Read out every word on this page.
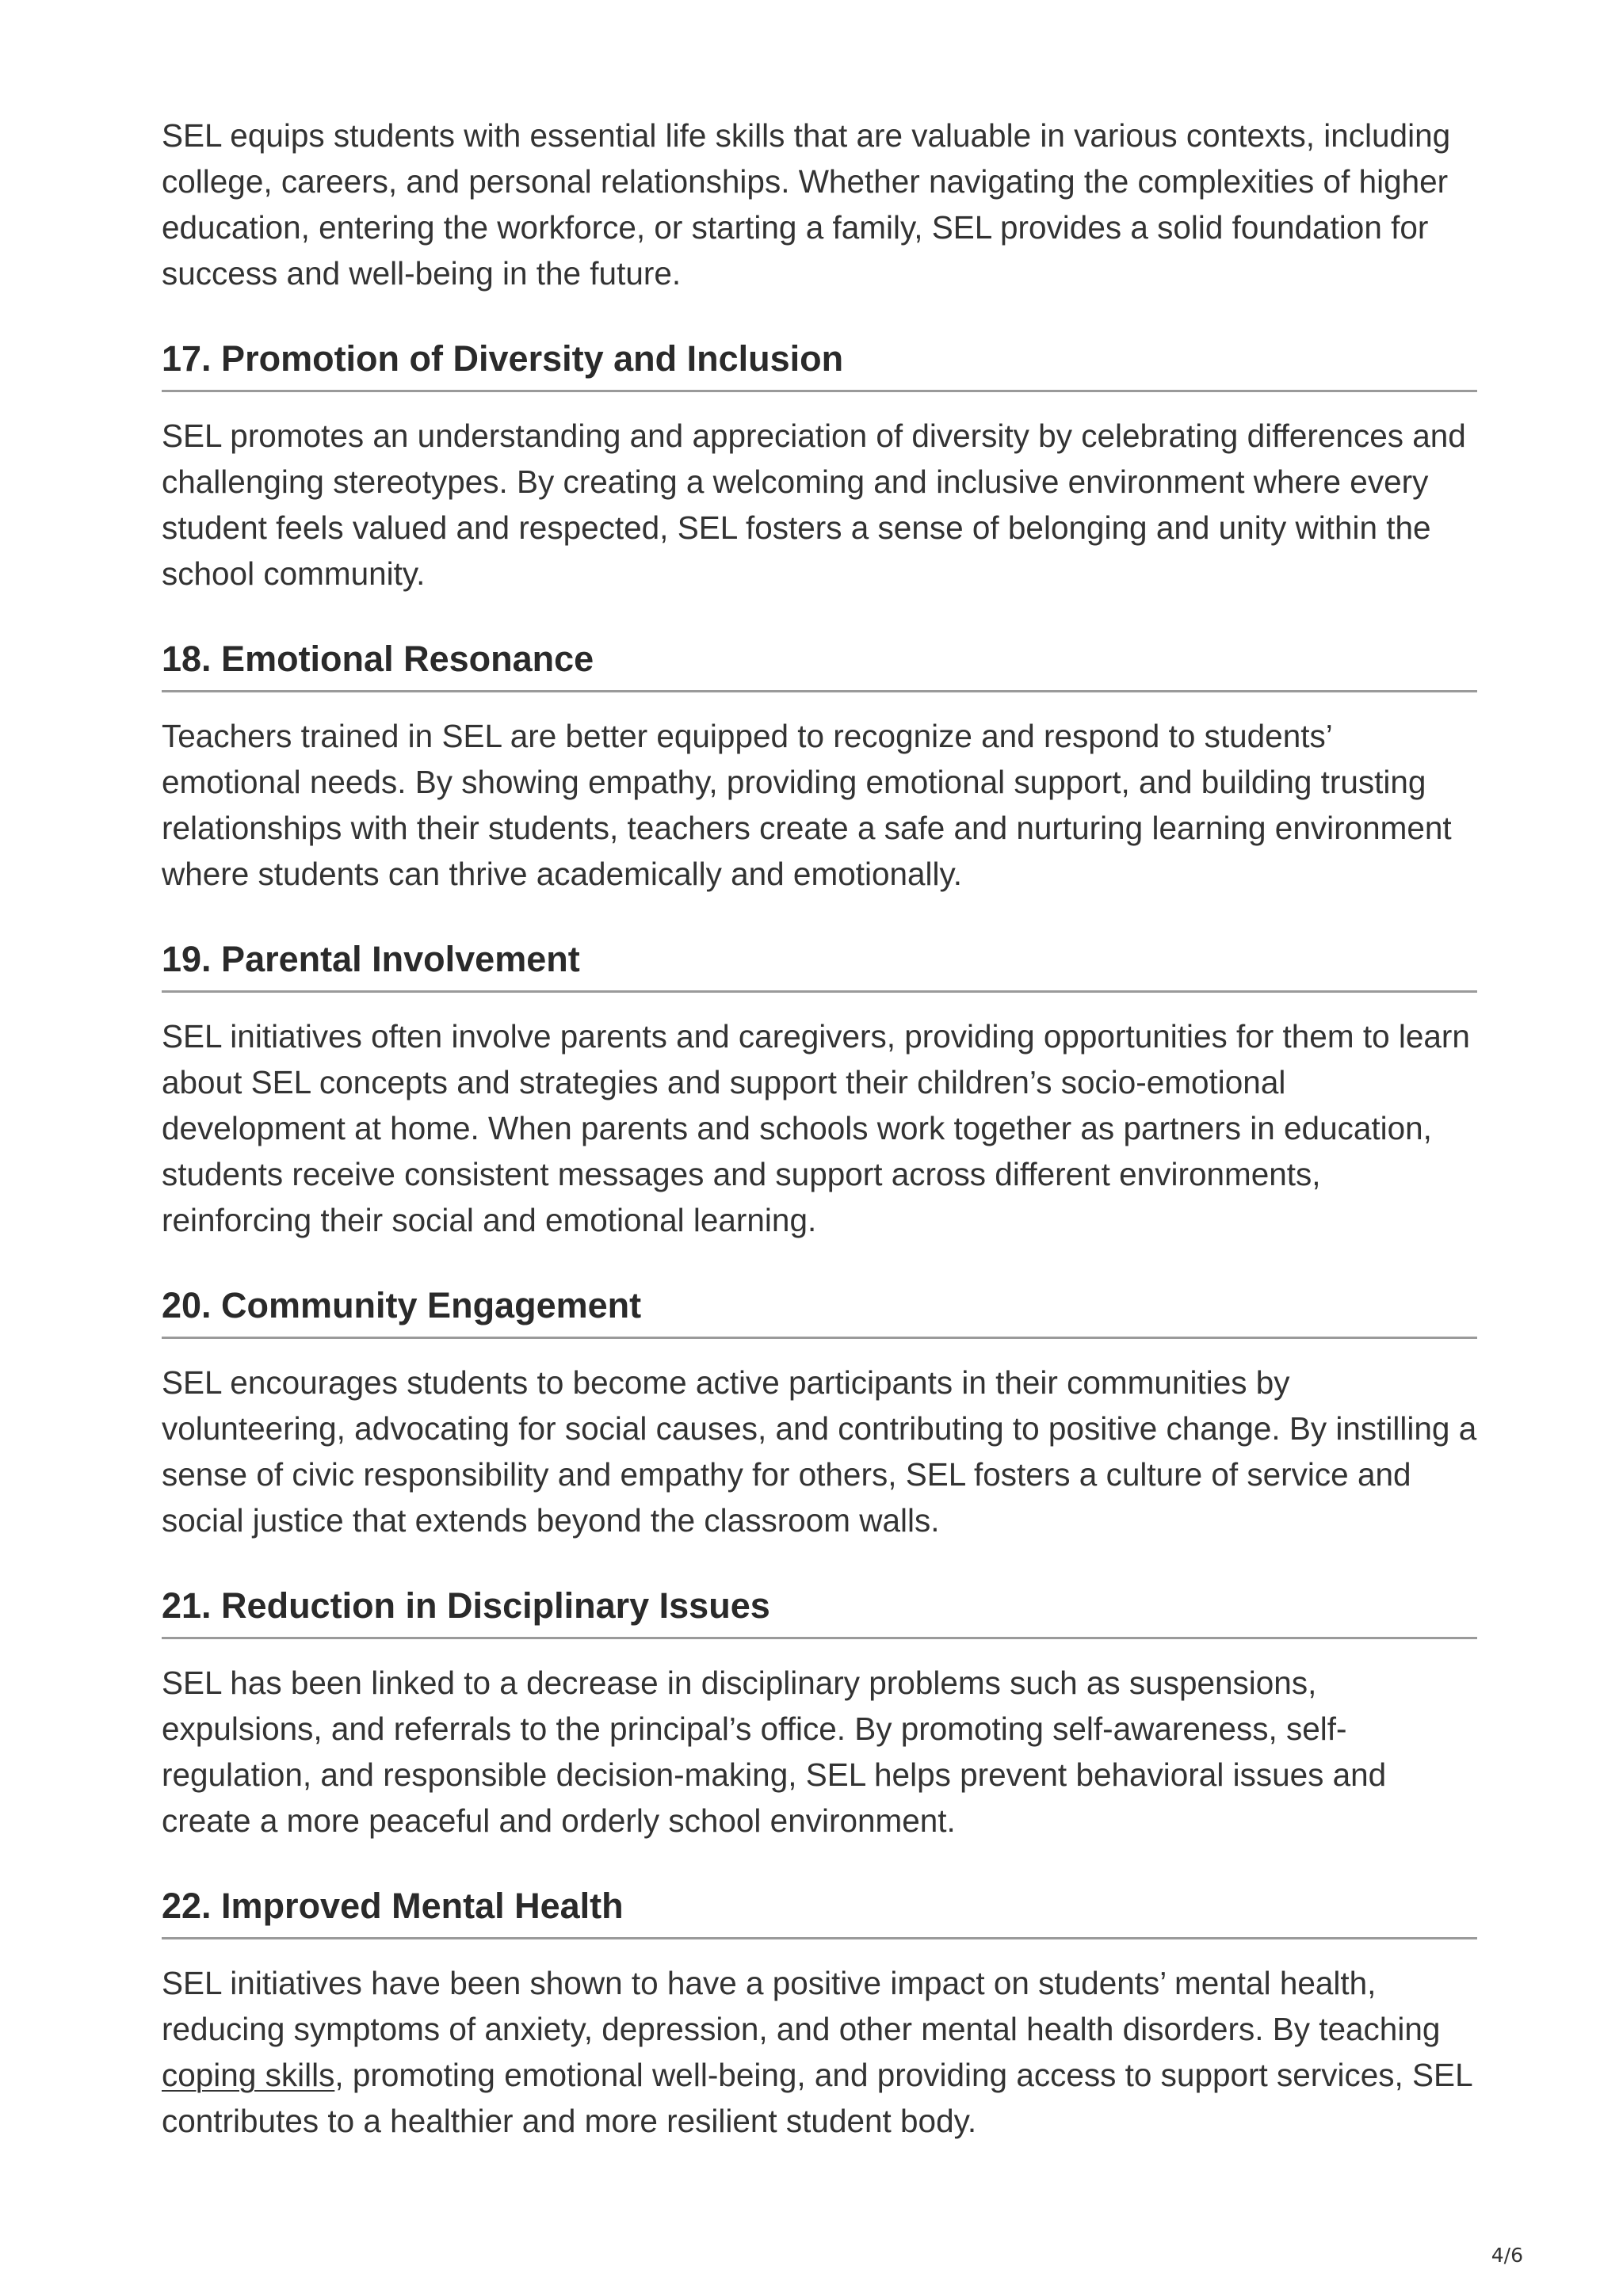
SEL equips students with essential life skills that are valuable in various contexts, including college, careers, and personal relationships. Whether navigating the complexities of higher education, entering the workforce, or starting a family, SEL provides a solid foundation for success and well-being in the future.

17. Promotion of Diversity and Inclusion

SEL promotes an understanding and appreciation of diversity by celebrating differences and challenging stereotypes. By creating a welcoming and inclusive environment where every student feels valued and respected, SEL fosters a sense of belonging and unity within the school community.

18. Emotional Resonance

Teachers trained in SEL are better equipped to recognize and respond to students’ emotional needs. By showing empathy, providing emotional support, and building trusting relationships with their students, teachers create a safe and nurturing learning environment where students can thrive academically and emotionally.

19. Parental Involvement

SEL initiatives often involve parents and caregivers, providing opportunities for them to learn about SEL concepts and strategies and support their children’s socio-emotional development at home. When parents and schools work together as partners in education, students receive consistent messages and support across different environments, reinforcing their social and emotional learning.

20. Community Engagement

SEL encourages students to become active participants in their communities by volunteering, advocating for social causes, and contributing to positive change. By instilling a sense of civic responsibility and empathy for others, SEL fosters a culture of service and social justice that extends beyond the classroom walls.

21. Reduction in Disciplinary Issues

SEL has been linked to a decrease in disciplinary problems such as suspensions, expulsions, and referrals to the principal’s office. By promoting self-awareness, self-regulation, and responsible decision-making, SEL helps prevent behavioral issues and create a more peaceful and orderly school environment.

22. Improved Mental Health

SEL initiatives have been shown to have a positive impact on students’ mental health, reducing symptoms of anxiety, depression, and other mental health disorders. By teaching coping skills, promoting emotional well-being, and providing access to support services, SEL contributes to a healthier and more resilient student body.

4/6
